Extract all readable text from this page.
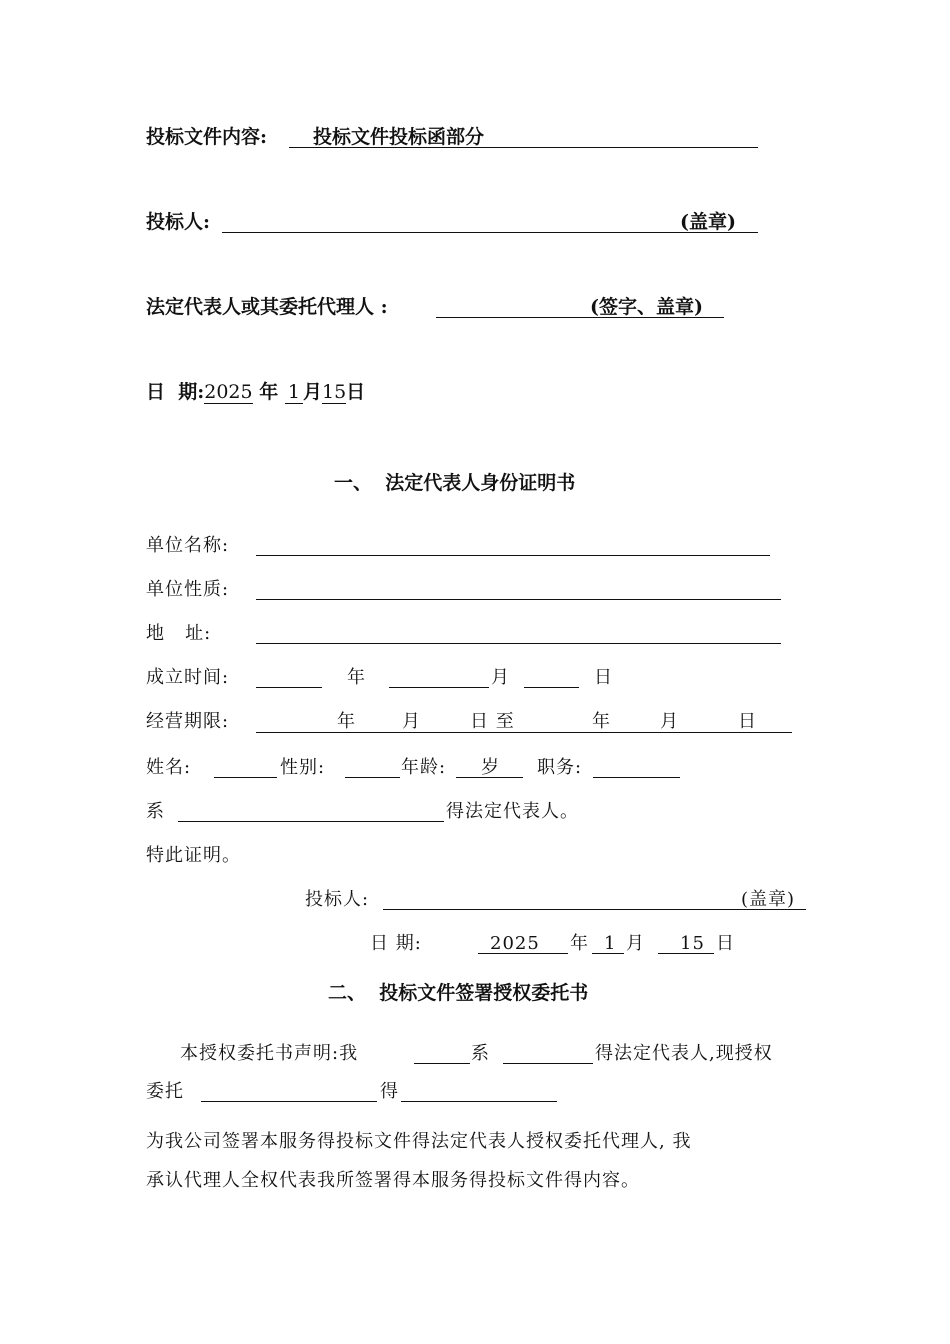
投标文件内容: 投标文件投标函部分
投标人:	(盖章)
法定代表人或其委托代理人 :	(签字、盖章)
日  期:2025 年 1 月15日
一、  法定代表人身份证明书
单位名称:
单位性质:
地   址:
成立时间:	年	月	日
经营期限:	年	月	日 至	年	月	日
姓名:	性别:	年龄: 岁 职务:
系	得法定代表人。
特此证明。
投标人:	(盖章)
日 期:	2025 年 1 月 15 日
二、  投标文件签署授权委托书
本授权委托书声明:我	系	得法定代表人,现授权
委托	得
为我公司签署本服务得投标文件得法定代表人授权委托代理人, 我
承认代理人全权代表我所签署得本服务得投标文件得内容。
